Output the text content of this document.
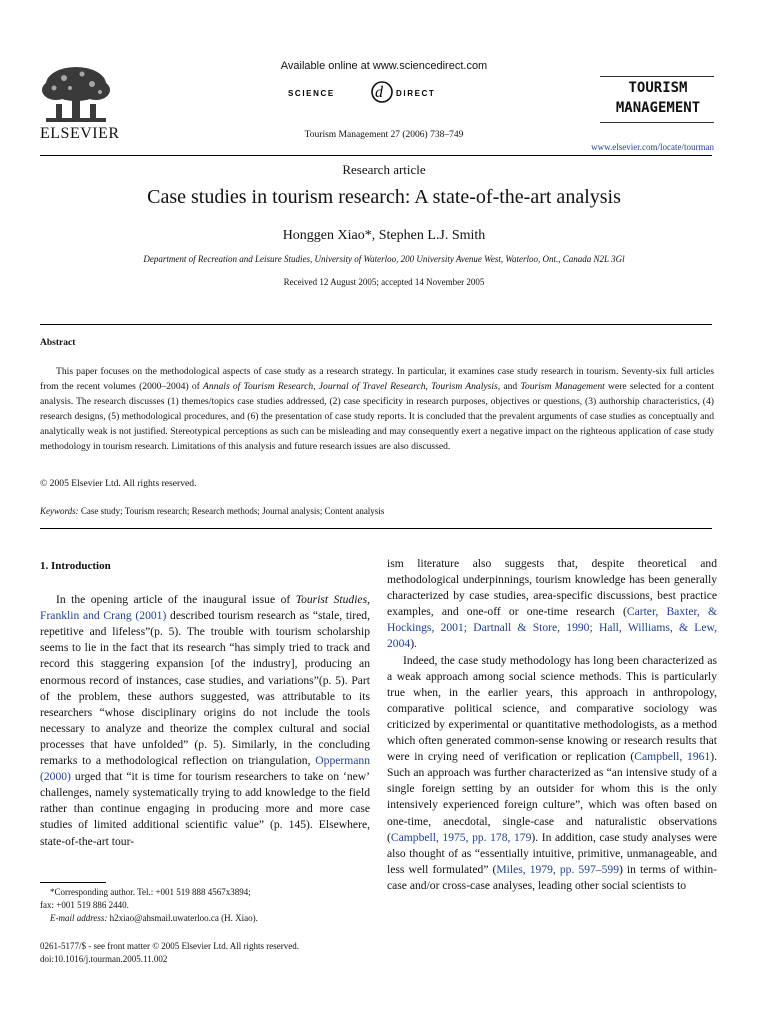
ELSEVIER
Available online at www.sciencedirect.com
SCIENCE	d DIRECT
Tourism Management 27 (2006) 738–749
TOURISM
MANAGEMENT
www.elsevier.com/locate/tourman
Research article
Case studies in tourism research: A state-of-the-art analysis
Honggen Xiao*, Stephen L.J. Smith
Department of Recreation and Leisure Studies, University of Waterloo, 200 University Avenue West, Waterloo, Ont., Canada N2L 3Gl
Received 12 August 2005; accepted 14 November 2005
Abstract

This paper focuses on the methodological aspects of case study as a research strategy. In particular, it examines case study research in tourism. Seventy-six full articles from the recent volumes (2000–2004) of Annals of Tourism Research, Journal of Travel Research, Tourism Analysis, and Tourism Management were selected for a content analysis. The research discusses (1) themes/topics case studies addressed, (2) case specificity in research purposes, objectives or questions, (3) authorship characteristics, (4) research designs, (5) methodological procedures, and (6) the presentation of case study reports. It is concluded that the prevalent arguments of case studies as conceptually and analytically weak is not justified. Stereotypical perceptions as such can be misleading and may consequently exert a negative impact on the righteous application of case study methodology in tourism research. Limitations of this analysis and future research issues are also discussed.

© 2005 Elsevier Ltd. All rights reserved.
Keywords: Case study; Tourism research; Research methods; Journal analysis; Content analysis

1. Introduction

In the opening article of the inaugural issue of Tourist Studies, Franklin and Crang (2001) described tourism research as “stale, tired, repetitive and lifeless”(p. 5). The trouble with tourism scholarship seems to lie in the fact that its research “has simply tried to track and record this staggering expansion [of the industry], producing an enormous record of instances, case studies, and variations”(p. 5). Part of the problem, these authors suggested, was attributable to its researchers “whose disciplinary origins do not include the tools necessary to analyze and theorize the complex cultural and social processes that have unfolded” (p. 5). Similarly, in the concluding remarks to a methodological reflection on triangulation, Oppermann (2000) urged that “it is time for tourism researchers to take on ‘new’ challenges, namely systematically trying to add knowledge to the field rather than continue engaging in producing more and more case studies of limited additional scientific value” (p. 145). Elsewhere, state-of-the-art tour-

ism literature also suggests that, despite theoretical and methodological underpinnings, tourism knowledge has been generally characterized by case studies, area-specific discussions, best practice examples, and one-off or one-time research (Carter, Baxter, & Hockings, 2001; Dartnall & Store, 1990; Hall, Williams, & Lew, 2004).

Indeed, the case study methodology has long been characterized as a weak approach among social science methods. This is particularly true when, in the earlier years, this approach in anthropology, comparative political science, and comparative sociology was criticized by experimental or quantitative methodologists, as a method which often generated common-sense knowing or research results that were in crying need of verification or replication (Campbell, 1961). Such an approach was further characterized as “an intensive study of a single foreign setting by an outsider for whom this is the only intensively experienced foreign culture”, which was often based on one-time, anecdotal, single-case and naturalistic observations (Campbell, 1975, pp. 178, 179). In addition, case study analyses were also thought of as “essentially intuitive, primitive, unmanageable, and less well formulated” (Miles, 1979, pp. 597–599) in terms of within-case and/or cross-case analyses, leading other social scientists to

*Corresponding author. Tel.: +001 519 888 4567x3894;
fax: +001 519 886 2440.
E-mail address: h2xiao@ahsmail.uwaterloo.ca (H. Xiao).
0261-5177/$ - see front matter © 2005 Elsevier Ltd. All rights reserved.
doi:10.1016/j.tourman.2005.11.002
